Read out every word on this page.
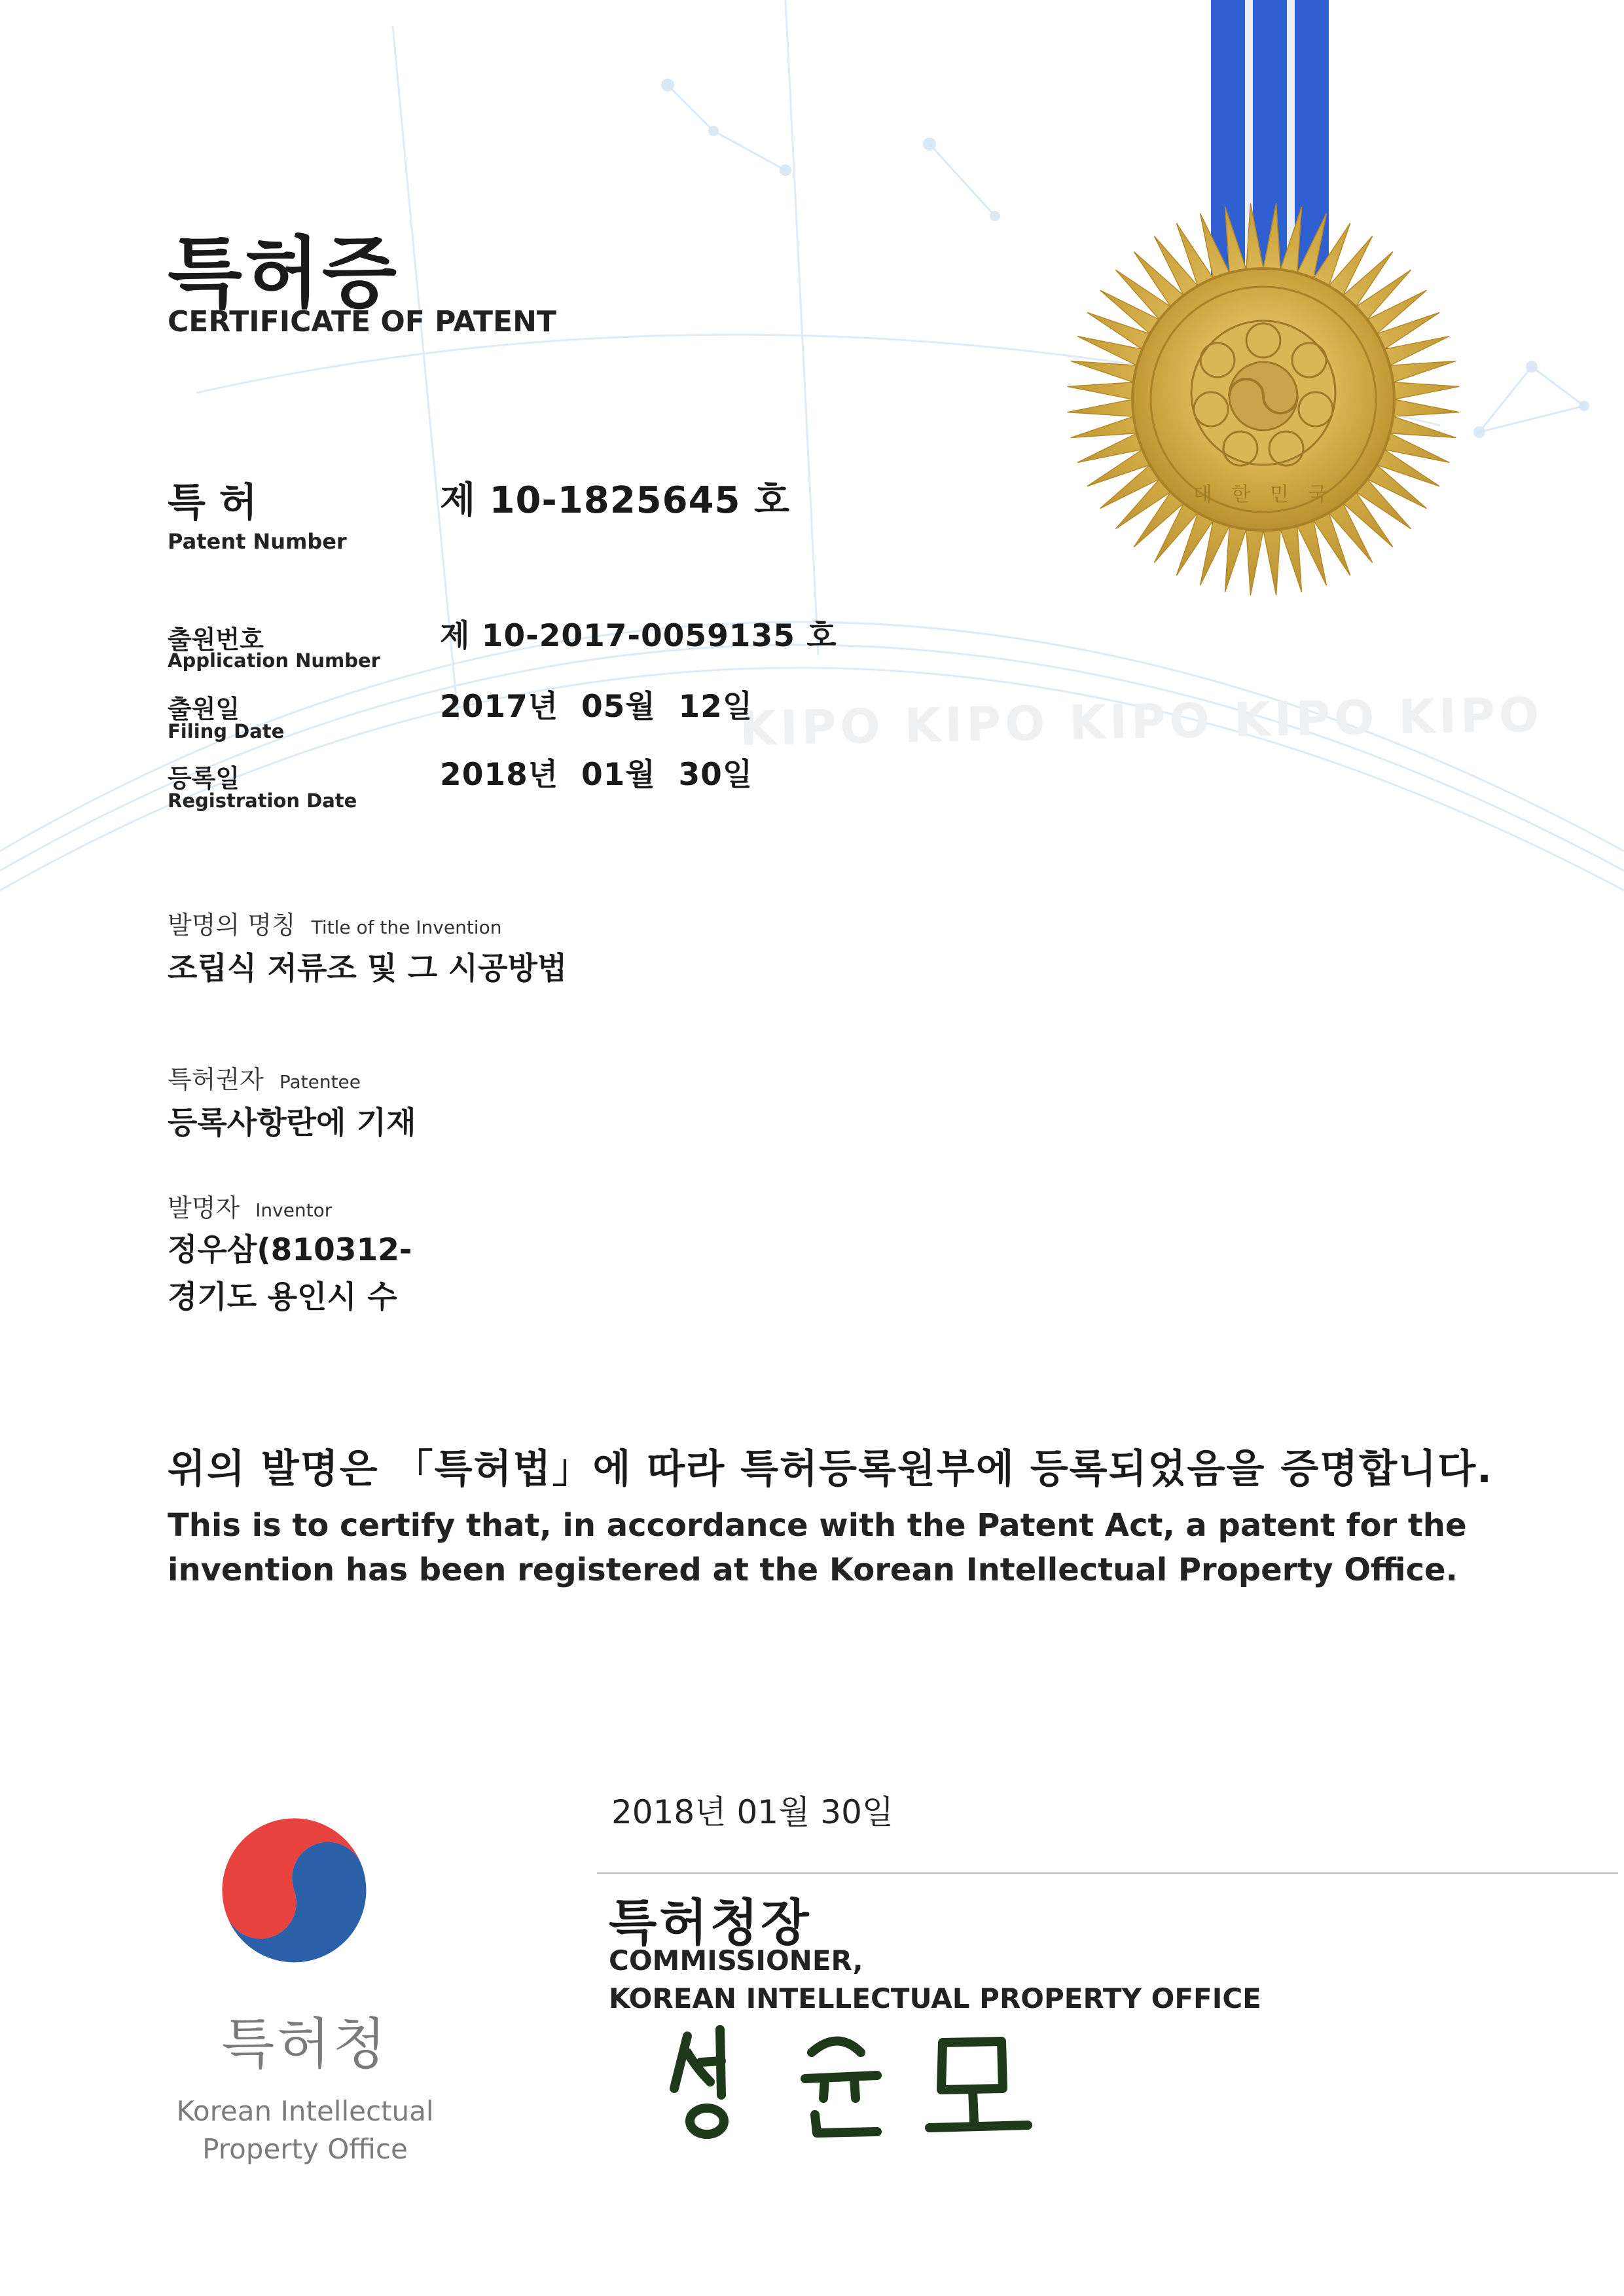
KIPO KIPO KIPO KIPO KIPO
대 한 민 국
특허증
CERTIFICATE OF PATENT
특 허
Patent Number
제 10-1825645 호
출원번호
Application Number
제 10-2017-0059135 호
출원일
Filing Date
2017년  05월  12일
등록일
Registration Date
2018년  01월  30일
발명의 명칭 Title of the Invention
조립식 저류조 및 그 시공방법
특허권자 Patentee
등록사항란에 기재
발명자 Inventor
정우삼(810312-
경기도 용인시 수
위의 발명은 「특허법」에 따라 특허등록원부에 등록되었음을 증명합니다.
This is to certify that, in accordance with the Patent Act, a patent for the invention has been registered at the Korean Intellectual Property Office.
2018년 01월 30일
특허청장
COMMISSIONER,
KOREAN INTELLECTUAL PROPERTY OFFICE
특허청
Korean Intellectual
Property Office
